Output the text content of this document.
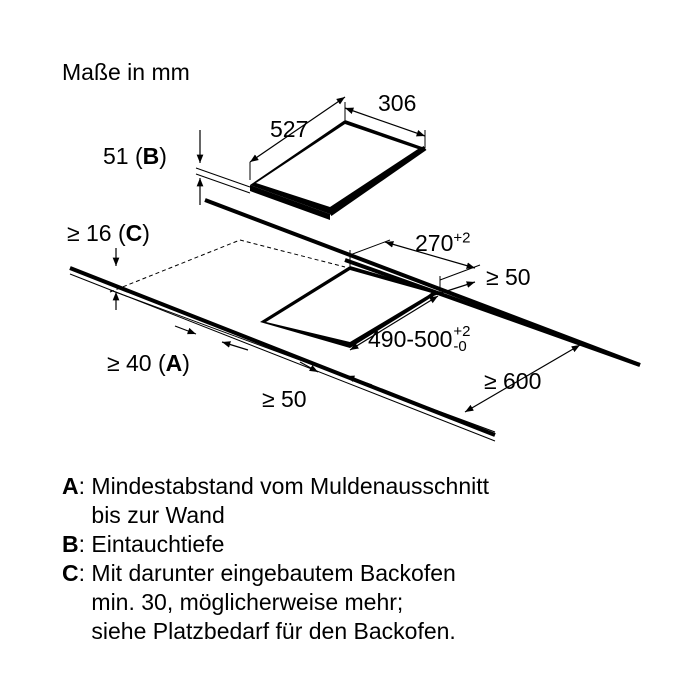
Maße in mm
306
527
51 (B)
≥ 16 (C)	$270^{+2}$
≥ 50
490-500 +2
-0
≥ 40 (A)
≥ 600
≥ 50
A : Mindestabstand vom Muldenausschnitt
bis zur Wand
B : Eintauchtiefe
C : Mit darunter eingebautem Backofen
min. 30, möglicherweise mehr;
siehe Platzbedarf für den Backofen.
